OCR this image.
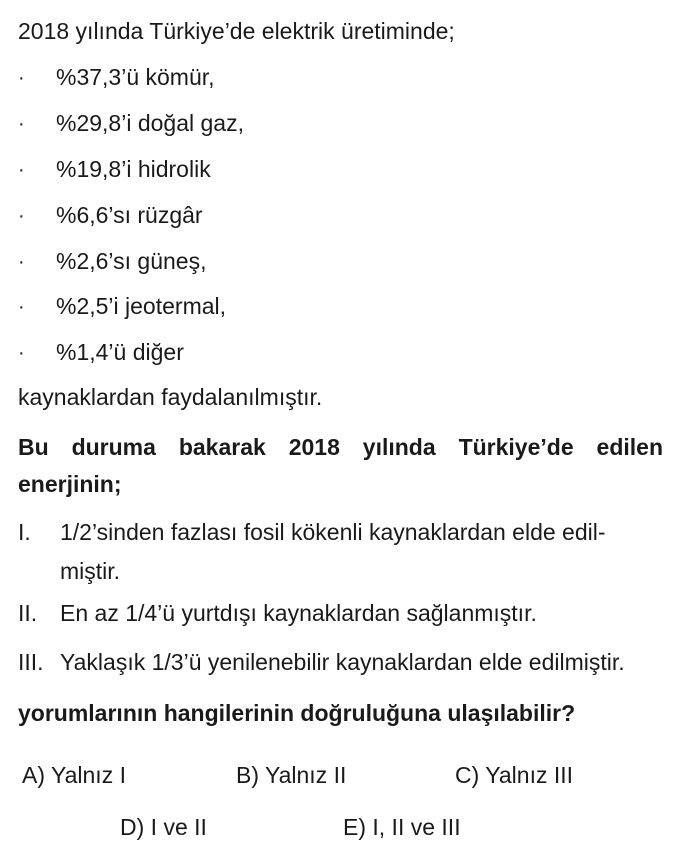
2018 yılında Türkiye’de elektrik üretiminde;
· %37,3’ü kömür,
· %29,8’i doğal gaz,
· %19,8’i hidrolik
· %6,6’sı rüzgâr
· %2,6’sı güneş,
· %2,5’i jeotermal,
· %1,4’ü diğer
kaynaklardan faydalanılmıştır.
Bu duruma bakarak 2018 yılında Türkiye’de edilen
enerjinin;
I. 1/2’sinden fazlası fosil kökenli kaynaklardan elde edil-
miştir.
II. En az 1/4’ü yurtdışı kaynaklardan sağlanmıştır.
III. Yaklaşık 1/3’ü yenilenebilir kaynaklardan elde edilmiştir.
yorumlarının hangilerinin doğruluğuna ulaşılabilir?
A) Yalnız I	B) Yalnız II	C) Yalnız III
D) I ve II	E) I, II ve III
